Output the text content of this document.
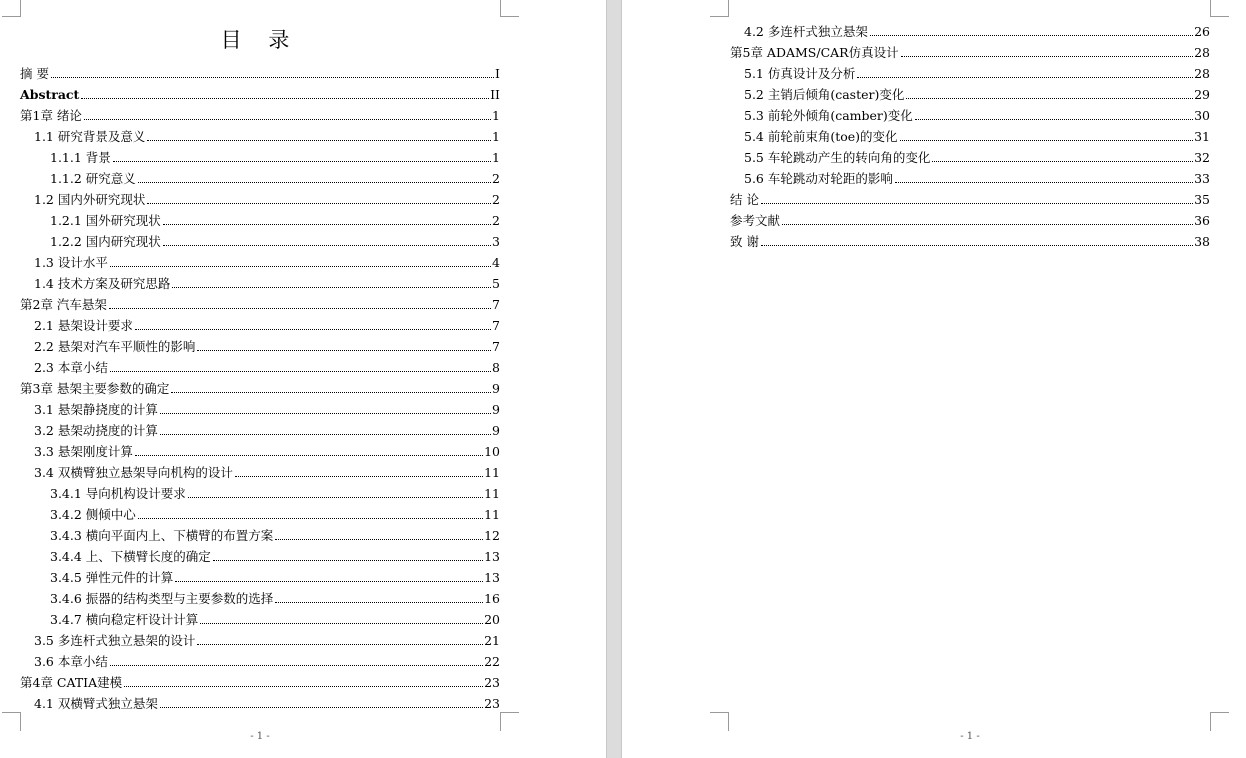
目 录
摘 要	I
Abstract	II
第1章 绪论	1
1.1 研究背景及意义	1
1.1.1 背景	1
1.1.2 研究意义	2
1.2 国内外研究现状	2
1.2.1 国外研究现状	2
1.2.2 国内研究现状	3
1.3 设计水平	4
1.4 技术方案及研究思路	5
第2章 汽车悬架	7
2.1 悬架设计要求	7
2.2 悬架对汽车平顺性的影响	7
2.3 本章小结	8
第3章 悬架主要参数的确定	9
3.1 悬架静挠度的计算	9
3.2 悬架动挠度的计算	9
3.3 悬架刚度计算	10
3.4 双横臂独立悬架导向机构的设计	11
3.4.1 导向机构设计要求	11
3.4.2 侧倾中心	11
3.4.3 横向平面内上、下横臂的布置方案	12
3.4.4 上、下横臂长度的确定	13
3.4.5 弹性元件的计算	13
3.4.6 振器的结构类型与主要参数的选择	16
3.4.7 横向稳定杆设计计算	20
3.5 多连杆式独立悬架的设计	21
3.6 本章小结	22
第4章 CATIA建模	23
4.1 双横臂式独立悬架	23
- 1 -
4.2 多连杆式独立悬架	26
第5章 ADAMS/CAR仿真设计	28
5.1 仿真设计及分析	28
5.2 主销后倾角(caster)变化	29
5.3 前轮外倾角(camber)变化	30
5.4 前轮前束角(toe)的变化	31
5.5 车轮跳动产生的转向角的变化	32
5.6 车轮跳动对轮距的影响	33
结 论	35
参考文献	36
致 谢	38
- 1 -
